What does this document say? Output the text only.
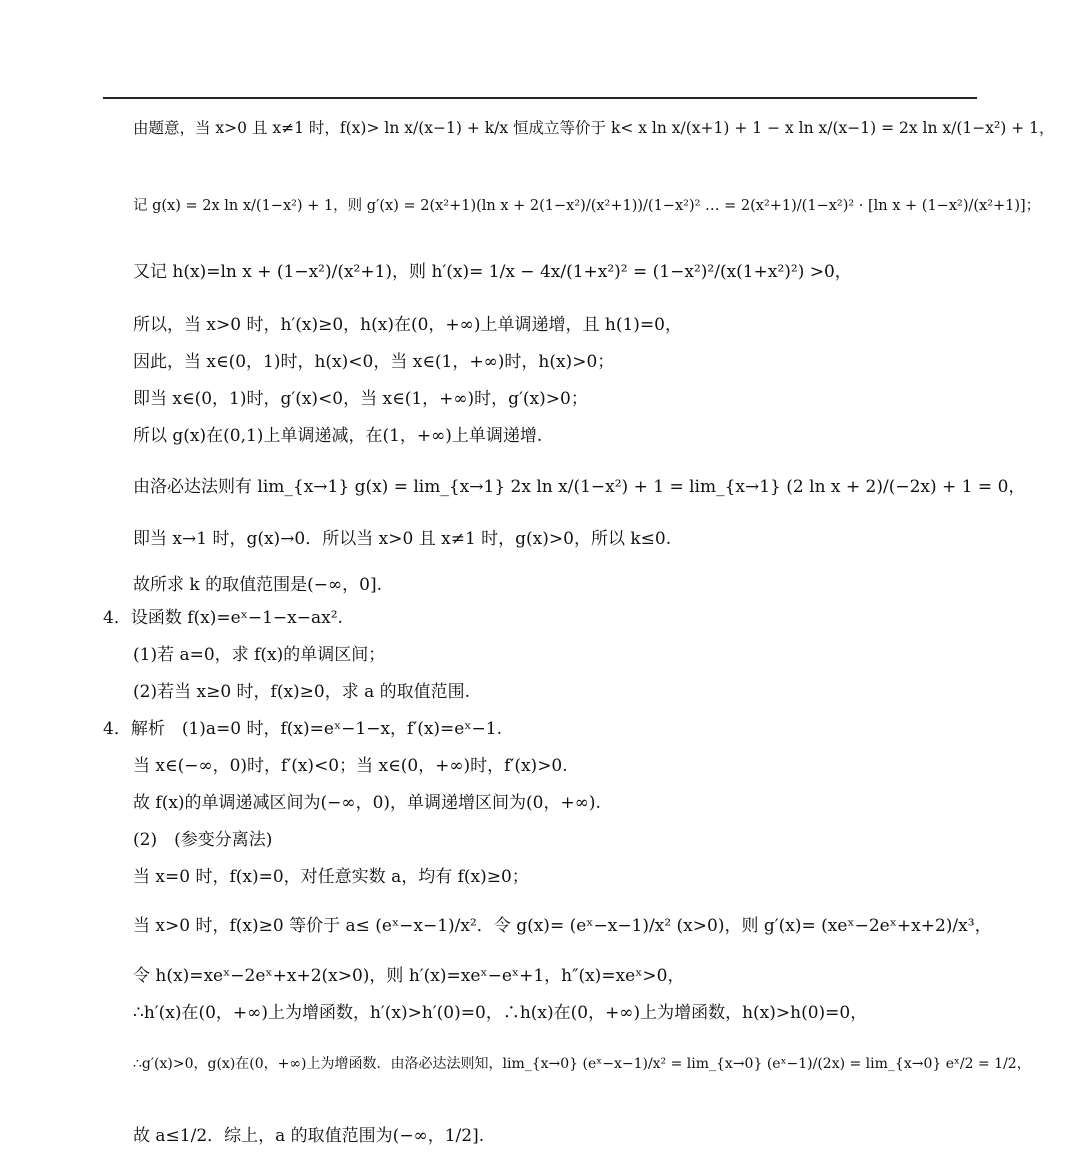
由题意，当 x>0 且 x≠1 时，f(x)> ln x/(x−1) + k/x 恒成立等价于 k< x ln x/(x+1) + 1 − x ln x/(x−1) = 2x ln x/(1−x²) + 1，
记 g(x) = 2x ln x/(1−x²) + 1，则 g′(x) = 2(x²+1)(ln x + 2(1−x²)/(x²+1))/(1−x²)² … = 2(x²+1)/(1−x²)² · [ln x + (1−x²)/(x²+1)]；
又记 h(x)=ln x + (1−x²)/(x²+1)，则 h′(x)= 1/x − 4x/(1+x²)² = (1−x²)²/(x(1+x²)²) >0，
所以，当 x>0 时，h′(x)≥0，h(x)在(0，+∞)上单调递增，且 h(1)=0，
因此，当 x∈(0，1)时，h(x)<0，当 x∈(1，+∞)时，h(x)>0；
即当 x∈(0，1)时，g′(x)<0，当 x∈(1，+∞)时，g′(x)>0；
所以 g(x)在(0,1)上单调递减，在(1，+∞)上单调递增.
由洛必达法则有 lim_{x→1} g(x) = lim_{x→1} 2x ln x/(1−x²) + 1 = lim_{x→1} (2 ln x + 2)/(−2x) + 1 = 0，
即当 x→1 时，g(x)→0．所以当 x>0 且 x≠1 时，g(x)>0，所以 k≤0.
故所求 k 的取值范围是(−∞，0].
4．设函数 f(x)=eˣ−1−x−ax².
(1)若 a=0，求 f(x)的单调区间；
(2)若当 x≥0 时，f(x)≥0，求 a 的取值范围.
4．解析　(1)a=0 时，f(x)=eˣ−1−x，f′(x)=eˣ−1.
当 x∈(−∞，0)时，f′(x)<0；当 x∈(0，+∞)时，f′(x)>0.
故 f(x)的单调递减区间为(−∞，0)，单调递增区间为(0，+∞).
(2)　(参变分离法)
当 x=0 时，f(x)=0，对任意实数 a，均有 f(x)≥0；
当 x>0 时，f(x)≥0 等价于 a≤ (eˣ−x−1)/x²．令 g(x)= (eˣ−x−1)/x² (x>0)，则 g′(x)= (xeˣ−2eˣ+x+2)/x³，
令 h(x)=xeˣ−2eˣ+x+2(x>0)，则 h′(x)=xeˣ−eˣ+1，h″(x)=xeˣ>0，
∴h′(x)在(0，+∞)上为增函数，h′(x)>h′(0)=0，∴h(x)在(0，+∞)上为增函数，h(x)>h(0)=0，
∴g′(x)>0，g(x)在(0，+∞)上为增函数．由洛必达法则知，lim_{x→0} (eˣ−x−1)/x² = lim_{x→0} (eˣ−1)/(2x) = lim_{x→0} eˣ/2 = 1/2，
故 a≤1/2．综上，a 的取值范围为(−∞，1/2].
